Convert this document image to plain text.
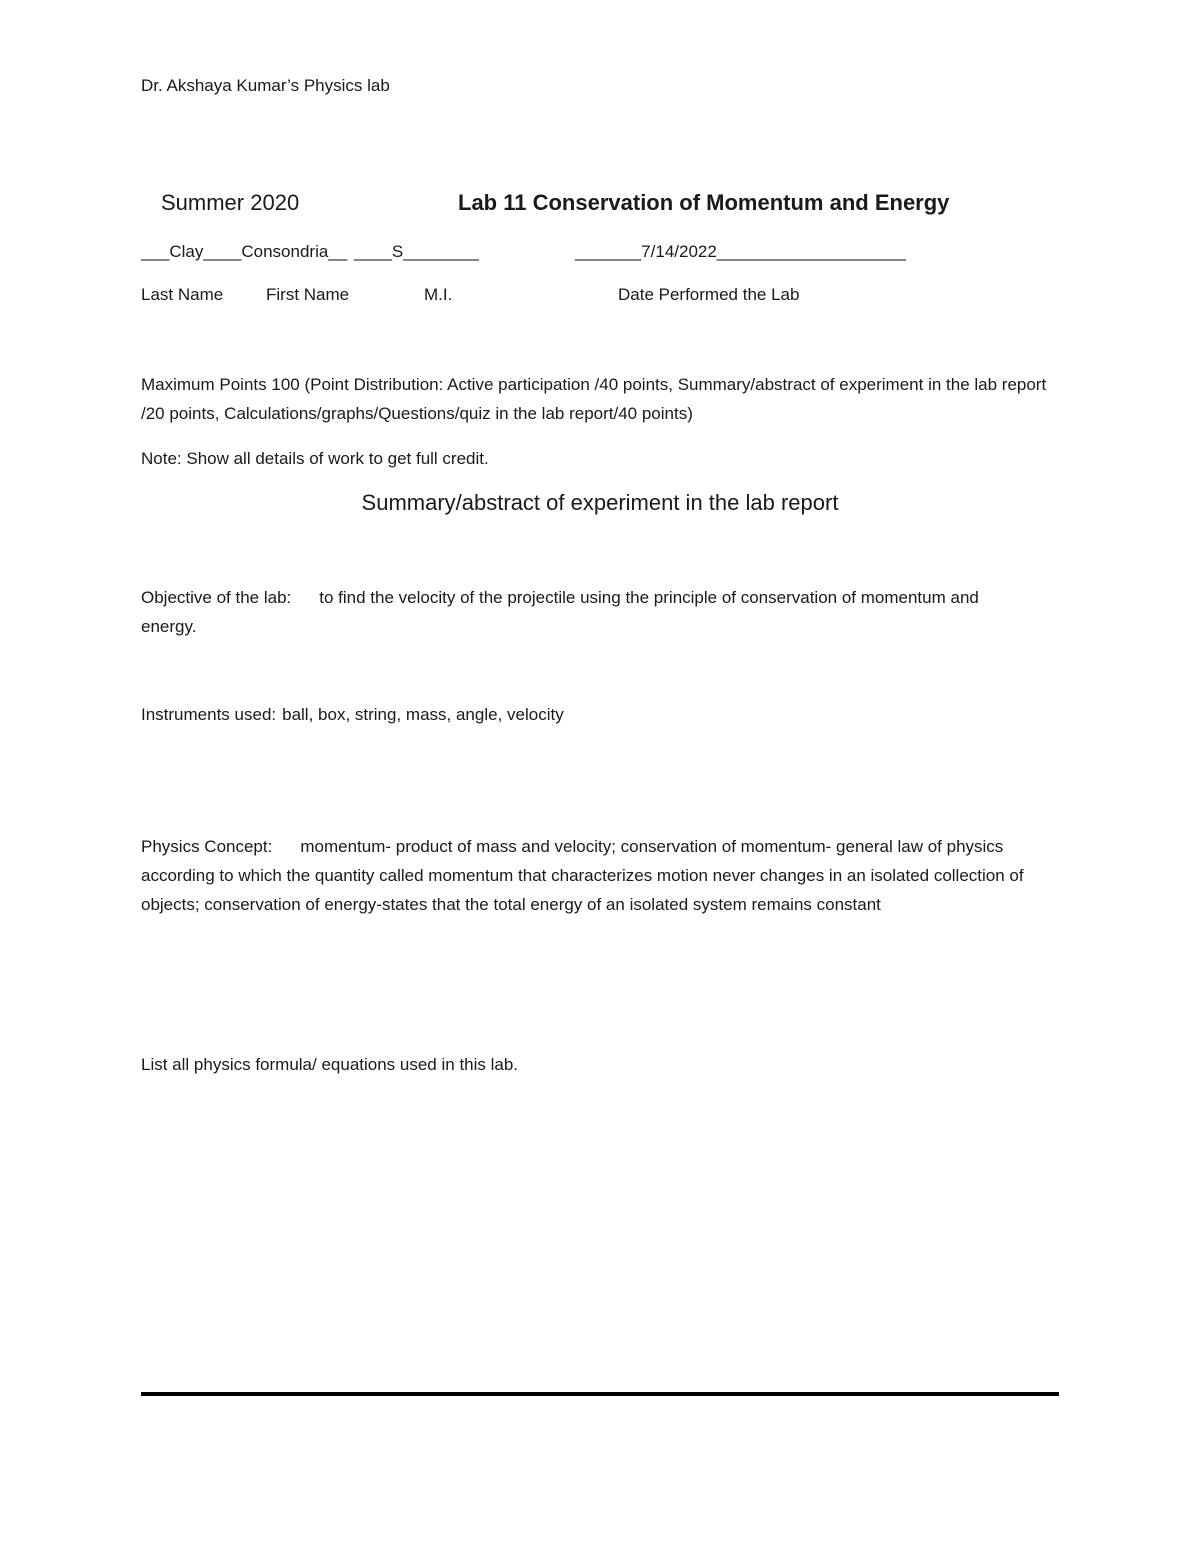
Dr. Akshaya Kumar’s Physics lab
Summer 2020	Lab 11 Conservation of Momentum and Energy
___Clay_ ___Consondria__ ____S________	_______7/14/2022____________________
Last Name	First Name	M.I.	Date Performed the Lab
Maximum Points 100 (Point Distribution: Active participation /40 points, Summary/abstract of experiment in the lab report /20 points, Calculations/graphs/Questions/quiz in the lab report/40 points)
Note: Show all details of work to get full credit.
Summary/abstract of experiment in the lab report
Objective of the lab: to find the velocity of the projectile using the principle of conservation of momentum and energy.
Instruments used: ball, box, string, mass, angle, velocity
Physics Concept: momentum- product of mass and velocity; conservation of momentum- general law of physics according to which the quantity called momentum that characterizes motion never changes in an isolated collection of objects; conservation of energy-states that the total energy of an isolated system remains constant
List all physics formula/ equations used in this lab.
